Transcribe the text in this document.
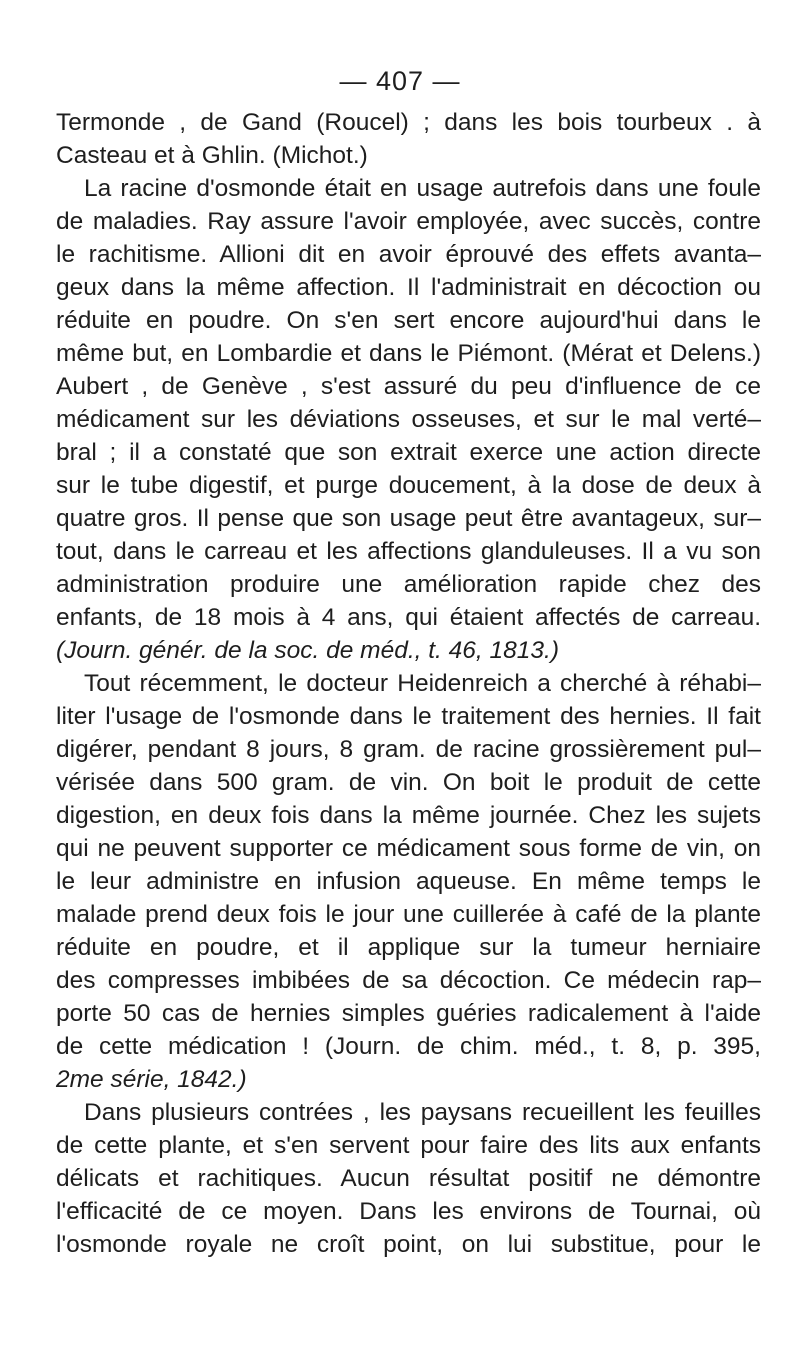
— 407 —
Termonde , de Gand (Roucel) ; dans les bois tourbeux . à
Casteau et à Ghlin. (Michot.)
La racine d'osmonde était en usage autrefois dans une foule
de maladies. Ray assure l'avoir employée, avec succès, contre
le rachitisme. Allioni dit en avoir éprouvé des effets avanta–
geux dans la même affection. Il l'administrait en décoction ou
réduite en poudre. On s'en sert encore aujourd'hui dans le
même but, en Lombardie et dans le Piémont. (Mérat et Delens.)
Aubert , de Genève , s'est assuré du peu d'influence de ce
médicament sur les déviations osseuses, et sur le mal verté–
bral ; il a constaté que son extrait exerce une action directe
sur le tube digestif, et purge doucement, à la dose de deux à
quatre gros. Il pense que son usage peut être avantageux, sur–
tout, dans le carreau et les affections glanduleuses. Il a vu son
administration produire une amélioration rapide chez des
enfants, de 18 mois à 4 ans, qui étaient affectés de carreau.
(Journ. génér. de la soc. de méd., t. 46, 1813.)
Tout récemment, le docteur Heidenreich a cherché à réhabi–
liter l'usage de l'osmonde dans le traitement des hernies. Il fait
digérer, pendant 8 jours, 8 gram. de racine grossièrement pul–
vérisée dans 500 gram. de vin. On boit le produit de cette
digestion, en deux fois dans la même journée. Chez les sujets
qui ne peuvent supporter ce médicament sous forme de vin, on
le leur administre en infusion aqueuse. En même temps le
malade prend deux fois le jour une cuillerée à café de la plante
réduite en poudre, et il applique sur la tumeur herniaire
des compresses imbibées de sa décoction. Ce médecin rap–
porte 50 cas de hernies simples guéries radicalement à l'aide
de cette médication ! (Journ. de chim. méd., t. 8, p. 395,
2me série, 1842.)
Dans plusieurs contrées , les paysans recueillent les feuilles
de cette plante, et s'en servent pour faire des lits aux enfants
délicats et rachitiques. Aucun résultat positif ne démontre
l'efficacité de ce moyen. Dans les environs de Tournai, où
l'osmonde royale ne croît point, on lui substitue, pour le
